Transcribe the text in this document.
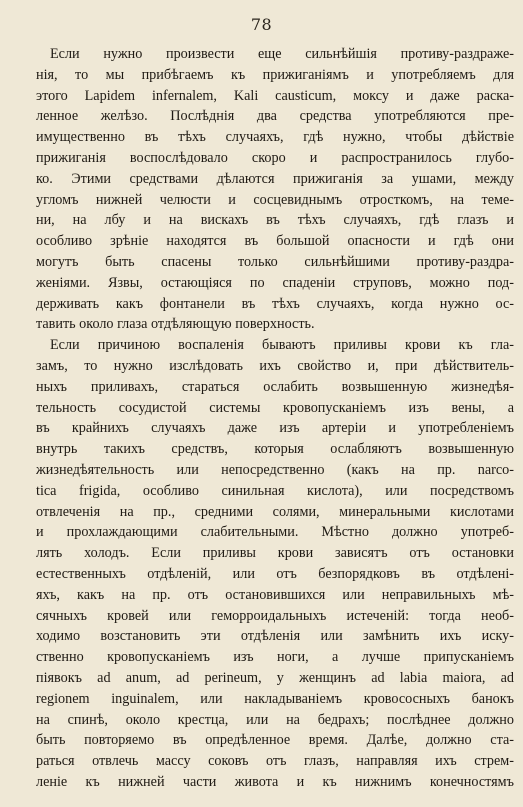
78
Если нужно произвести еще сильнѣйшія противу-раздраже-
нія, то мы прибѣгаемъ къ прижиганіямъ и употребляемъ для
этого Lapidem infernalem, Kali causticum, моксу и даже раска-
ленное желѣзо. Послѣднія два средства употребляются пре-
имущественно въ тѣхъ случаяхъ, гдѣ нужно, чтобы дѣйствіе
прижиганія воспослѣдовало скоро и распространилось глубо-
ко. Этими средствами дѣлаются прижиганія за ушами, между
угломъ нижней челюсти и сосцевиднымъ отросткомъ, на теме-
ни, на лбу и на вискахъ въ тѣхъ случаяхъ, гдѣ глазъ и
особливо зрѣніе находятся въ большой опасности и гдѣ они
могутъ быть спасены только сильнѣйшими противу-раздра-
женіями. Язвы, остающіяся по спаденіи струповъ, можно под-
держивать какъ фонтанели въ тѣхъ случаяхъ, когда нужно ос-
тавить около глаза отдѣляющую поверхность.
Если причиною воспаленія бываютъ приливы крови къ гла-
замъ, то нужно изслѣдовать ихъ свойство и, при дѣйствитель-
ныхъ приливахъ, стараться ослабить возвышенную жизнедѣя-
тельность сосудистой системы кровопусканіемъ изъ вены, а
въ крайнихъ случаяхъ даже изъ артеріи и употребленіемъ
внутрь такихъ средствъ, которыя ослабляютъ возвышенную
жизнедѣятельность или непосредственно (какъ на пр. narco-
tica frigida, особливо синильная кислота), или посредствомъ
отвлеченія на пр., средними солями, минеральными кислотами
и прохлаждающими слабительными. Мѣстно должно употреб-
лять холодъ. Если приливы крови зависятъ отъ остановки
естественныхъ отдѣленій, или отъ безпорядковъ въ отдѣленi-
яхъ, какъ на пр. отъ остановившихся или неправильныхъ мѣ-
сячныхъ кровей или геморроидальныхъ истеченій: тогда необ-
ходимо возстановить эти отдѣленія или замѣнить ихъ иску-
ственно кровопусканіемъ изъ ноги, а лучше припусканіемъ
піявокъ ad anum, ad perineum, у женщинъ ad labia maiora, ad
regionem inguinalem, или накладываніемъ кровососныхъ банокъ
на спинѣ, около крестца, или на бедрахъ; послѣднее должно
быть повторяемо въ опредѣленное время. Далѣе, должно ста-
раться отвлечь массу соковъ отъ глазъ, направляя ихъ стрем-
леніе къ нижней части живота и къ нижнимъ конечностямъ
